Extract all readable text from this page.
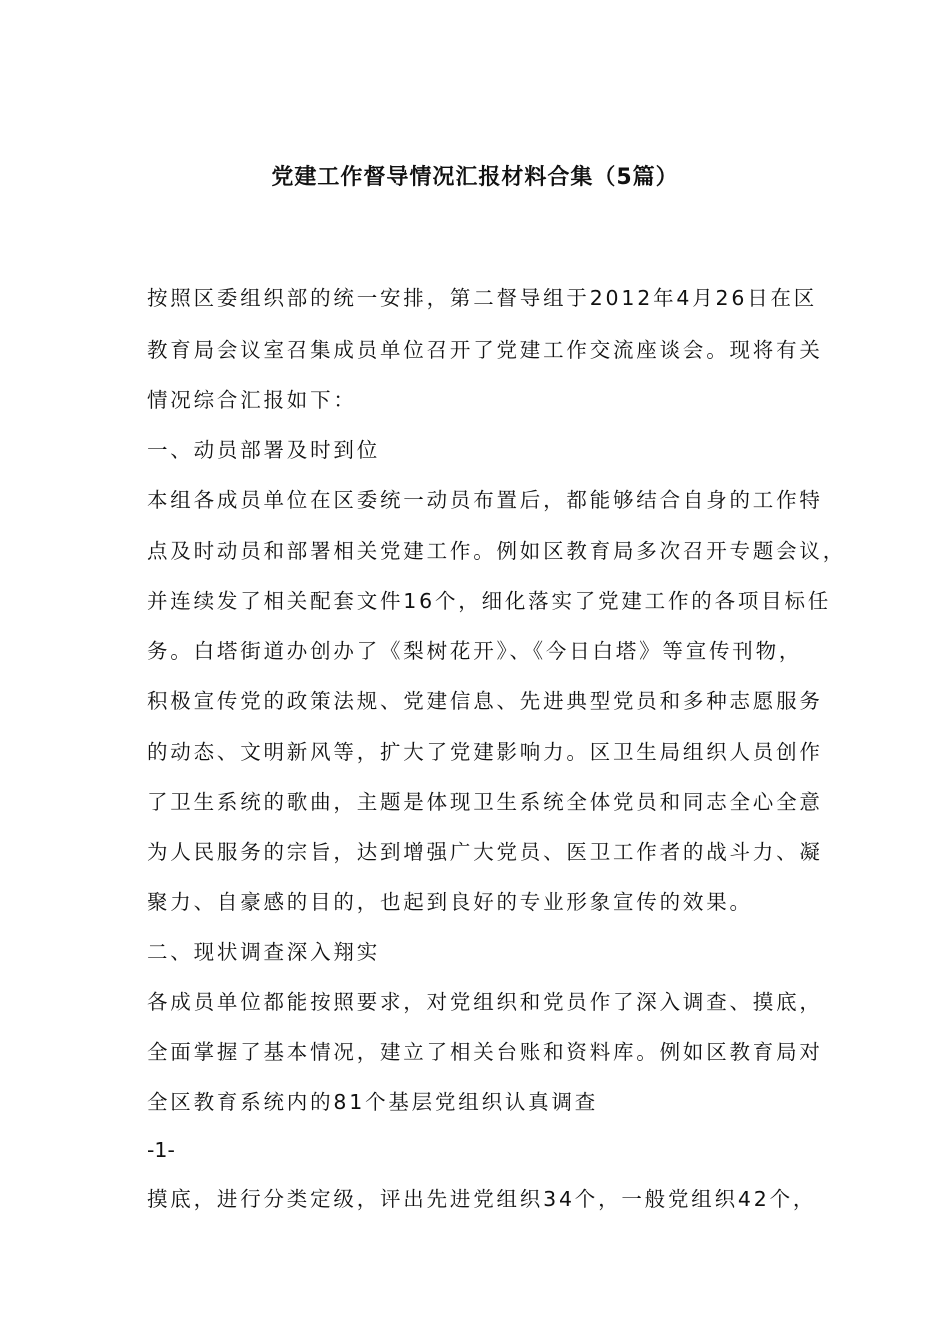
党建工作督导情况汇报材料合集（5篇）
按照区委组织部的统一安排，第二督导组于2012年4月26日在区
教育局会议室召集成员单位召开了党建工作交流座谈会。现将有关
情况综合汇报如下：
一、动员部署及时到位
本组各成员单位在区委统一动员布置后，都能够结合自身的工作特
点及时动员和部署相关党建工作。例如区教育局多次召开专题会议，
并连续发了相关配套文件16个，细化落实了党建工作的各项目标任
务。白塔街道办创办了《梨树花开》、《今日白塔》等宣传刊物，
积极宣传党的政策法规、党建信息、先进典型党员和多种志愿服务
的动态、文明新风等，扩大了党建影响力。区卫生局组织人员创作
了卫生系统的歌曲，主题是体现卫生系统全体党员和同志全心全意
为人民服务的宗旨，达到增强广大党员、医卫工作者的战斗力、凝
聚力、自豪感的目的，也起到良好的专业形象宣传的效果。
二、现状调查深入翔实
各成员单位都能按照要求，对党组织和党员作了深入调查、摸底，
全面掌握了基本情况，建立了相关台账和资料库。例如区教育局对
全区教育系统内的81个基层党组织认真调查
-1-
摸底，进行分类定级，评出先进党组织34个，一般党组织42个，
